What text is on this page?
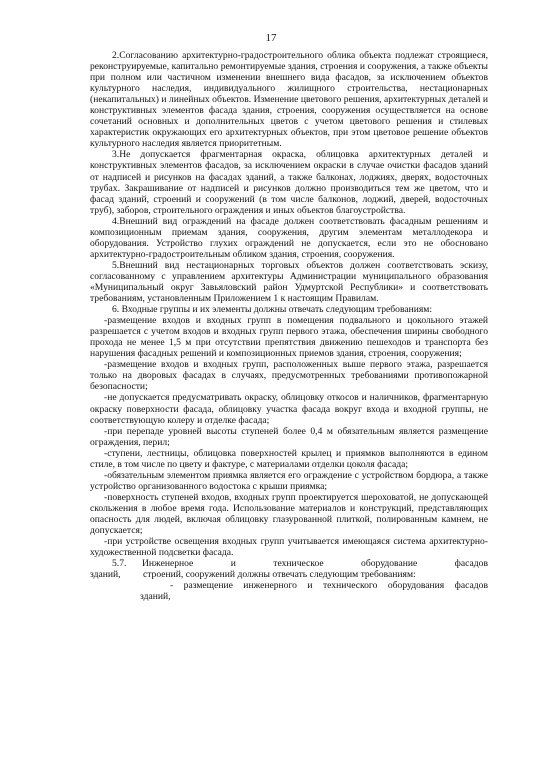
17

2.Согласованию архитектурно-градостроительного облика объекта подлежат строящиеся, реконструируемые, капитально ремонтируемые здания, строения и сооружения, а также объекты при полном или частичном изменении внешнего вида фасадов, за исключением объектов культурного наследия, индивидуального жилищного строительства, нестационарных (некапитальных) и линейных объектов. Изменение цветового решения, архитектурных деталей и конструктивных элементов фасада здания, строения, сооружения осуществляется на основе сочетаний основных и дополнительных цветов с учетом цветового решения и стилевых характеристик окружающих его архитектурных объектов, при этом цветовое решение объектов культурного наследия является приоритетным.

3.Не допускается фрагментарная окраска, облицовка архитектурных деталей и конструктивных элементов фасадов, за исключением окраски в случае очистки фасадов зданий от надписей и рисунков на фасадах зданий, а также балконах, лоджиях, дверях, водосточных трубах. Закрашивание от надписей и рисунков должно производиться тем же цветом, что и фасад зданий, строений и сооружений (в том числе балконов, лоджий, дверей, водосточных труб), заборов, строительного ограждения и иных объектов благоустройства.

4.Внешний вид ограждений на фасаде должен соответствовать фасадным решениям и композиционным приемам здания, сооружения, другим элементам металлодекора и оборудования. Устройство глухих ограждений не допускается, если это не обосновано архитектурно-градостроительным обликом здания, строения, сооружения.

5.Внешний вид нестационарных торговых объектов должен соответствовать эскизу, согласованному с управлением архитектуры Администрации муниципального образования «Муниципальный округ Завьяловский район Удмуртской Республики» и соответствовать требованиям, установленным Приложением 1 к настоящим Правилам.

6. Входные группы и их элементы должны отвечать следующим требованиям:

-размещение входов и входных групп в помещения подвального и цокольного этажей разрешается с учетом входов и входных групп первого этажа, обеспечения ширины свободного прохода не менее 1,5 м при отсутствии препятствия движению пешеходов и транспорта без нарушения фасадных решений и композиционных приемов здания, строения, сооружения;

-размещение входов и входных групп, расположенных выше первого этажа, разрешается только на дворовых фасадах в случаях, предусмотренных требованиями противопожарной безопасности;

-не допускается предусматривать окраску, облицовку откосов и наличников, фрагментарную окраску поверхности фасада, облицовку участка фасада вокруг входа и входной группы, не соответствующую колеру и отделке фасада;

-при перепаде уровней высоты ступеней более 0,4 м обязательным является размещение ограждения, перил;

-ступени, лестницы, облицовка поверхностей крылец и приямков выполняются в едином стиле, в том числе по цвету и фактуре, с материалами отделки цоколя фасада;

-обязательным элементом приямка является его ограждение с устройством бордюра, а также устройство организованного водостока с крыши приямка;

-поверхность ступеней входов, входных групп проектируется шероховатой, не допускающей скольжения в любое время года. Использование материалов и конструкций, представляющих опасность для людей, включая облицовку глазурованной плиткой, полированным камнем, не допускается;

-при устройстве освещения входных групп учитывается имеющаяся система архитектурно-художественной подсветки фасада.

5.7.	Инженерное и техническое оборудование фасадов
зданий, строений, сооружений должны отвечать следующим требованиям:
- размещение инженерного и технического оборудования фасадов
зданий,
